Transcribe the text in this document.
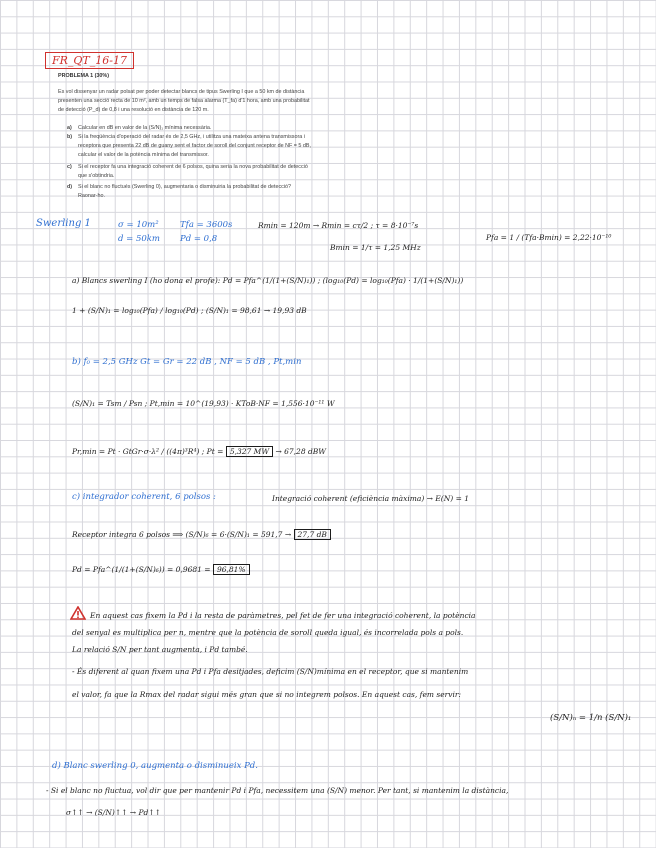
FR_QT_16-17
PROBLEMA 1 (30%)
Es vol dissenyar un radar polsat per poder detectar blancs de tipus Swerling I que a 50 km de distància
presenten una secció recta de 10 m², amb un temps de falsa alarma (T_fa) d'1 hora, amb una probabilitat
de detecció (P_d) de 0,8 i una resolució en distància de 120 m.
a)	Calcular en dB en valor de la (S/N)₁ mínima necessària.
b)	Si la freqüència d'operació del radar és de 2,5 GHz, i utilitza una mateixa antena transmissora i
receptora que presenta 22 dB de guany sent el factor de soroll del conjunt receptor de NF = 5 dB,
calcular el valor de la potència mínima del transmissor.
c)	Si el receptor fa una integració coherent de 6 polsos, quina seria la nova probabilitat de detecció
que s'obtindria.
d)	Si el blanc no fluctués (Swerling 0), augmentaria o disminuiria la probabilitat de detecció?
Raonar-ho.
Swerling 1	σ = 10m²
d = 50km
Tfa = 3600s
Pd = 0,8
Rmin = 120m → Rmin = cτ/2 ; τ = 8·10⁻⁷s
Bmin = 1/τ = 1,25 MHz
Pfa = 1 / (Tfa·Bmin) = 2,22·10⁻¹⁰
a) Blancs swerling I (ho dona el profe): Pd = Pfa^(1/(1+(S/N)₁)) ; (log₁₀(Pd) = log₁₀(Pfa) · 1/(1+(S/N)₁))
1 + (S/N)₁ = log₁₀(Pfa) / log₁₀(Pd) ; (S/N)₁ = 98,61 → 19,93 dB
b) f₀ = 2,5 GHz Gt = Gr = 22 dB , NF = 5 dB , Pt,min
(S/N)₁ = Tsm / Psn ; Pt,min = 10^(19,93) · KToB·NF = 1,556·10⁻¹¹ W
Pr,min = Pt · GtGr·σ·λ² / ((4π)³R⁴) ; Pt = 5,327 MW → 67,28 dBW
c) integrador coherent, 6 polsos :	Integració coherent (eficiència màxima) → E(N) = 1
Receptor integra 6 polsos ⟹ (S/N)₆ = 6·(S/N)₁ = 591,7 → 27,7 dB
Pd = Pfa^(1/(1+(S/N)₆)) = 0,9681 = 96,81%
En aquest cas fixem la Pd i la resta de paràmetres, pel fet de fer una integració coherent, la potència
del senyal es multiplica per n, mentre que la potència de soroll queda igual, és incorrelada pols a pols.
La relació S/N per tant augmenta, i Pd també.
- És diferent al quan fixem una Pd i Pfa desitjades, deficim (S/N)mínima en el receptor, que si mantenim
el valor, fa que la Rmax del radar sigui més gran que si no integrem polsos. En aquest cas, fem servir:
(S/N)ₙ = 1/n (S/N)₁
d) Blanc swerling 0, augmenta o disminueix Pd.
- Si el blanc no fluctua, vol dir que per mantenir Pd i Pfa, necessitem una (S/N) menor. Per tant, si mantenim la distància,
σ↑↑ → (S/N)↑↑ → Pd↑↑
